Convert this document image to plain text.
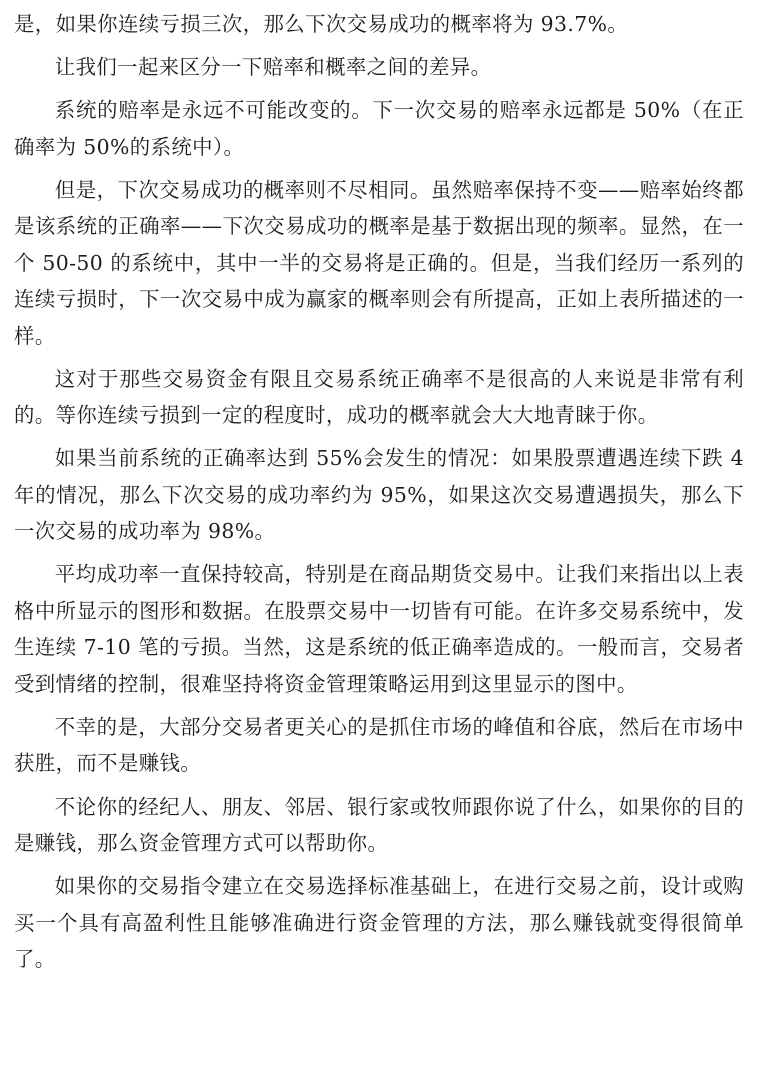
是，如果你连续亏损三次，那么下次交易成功的概率将为 93.7%。

让我们一起来区分一下赔率和概率之间的差异。

系统的赔率是永远不可能改变的。下一次交易的赔率永远都是 50%（在正确率为 50%的系统中）。

但是，下次交易成功的概率则不尽相同。虽然赔率保持不变——赔率始终都是该系统的正确率——下次交易成功的概率是基于数据出现的频率。显然，在一个 50-50 的系统中，其中一半的交易将是正确的。但是，当我们经历一系列的连续亏损时，下一次交易中成为赢家的概率则会有所提高，正如上表所描述的一样。

这对于那些交易资金有限且交易系统正确率不是很高的人来说是非常有利的。等你连续亏损到一定的程度时，成功的概率就会大大地青睐于你。

如果当前系统的正确率达到 55%会发生的情况：如果股票遭遇连续下跌 4 年的情况，那么下次交易的成功率约为 95%，如果这次交易遭遇损失，那么下一次交易的成功率为 98%。

平均成功率一直保持较高，特别是在商品期货交易中。让我们来指出以上表格中所显示的图形和数据。在股票交易中一切皆有可能。在许多交易系统中，发生连续 7-10 笔的亏损。当然，这是系统的低正确率造成的。一般而言，交易者受到情绪的控制，很难坚持将资金管理策略运用到这里显示的图中。

不幸的是，大部分交易者更关心的是抓住市场的峰值和谷底，然后在市场中获胜，而不是赚钱。

不论你的经纪人、朋友、邻居、银行家或牧师跟你说了什么，如果你的目的是赚钱，那么资金管理方式可以帮助你。

如果你的交易指令建立在交易选择标准基础上，在进行交易之前，设计或购买一个具有高盈利性且能够准确进行资金管理的方法，那么赚钱就变得很简单了。
